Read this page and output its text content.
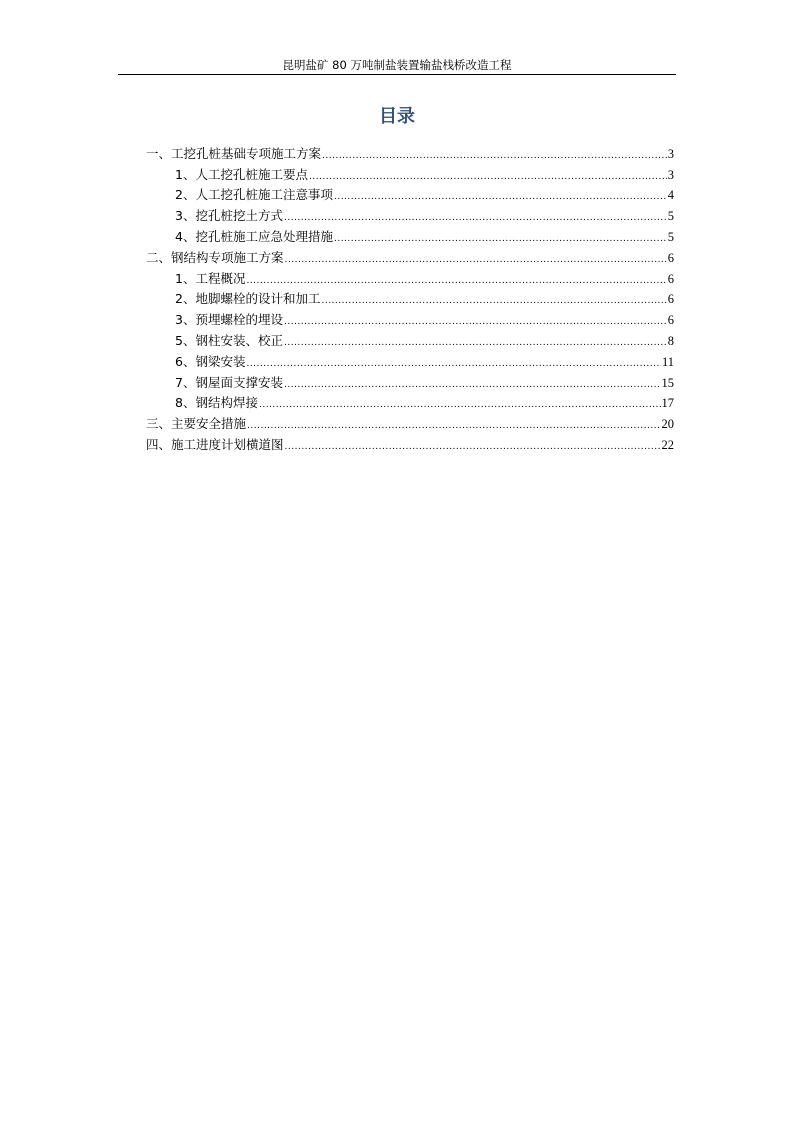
昆明盐矿 80 万吨制盐装置输盐栈桥改造工程
目录
一、工挖孔桩基础专项施工方案 .....	3
1、人工挖孔桩施工要点 .....	3
2、人工挖孔桩施工注意事项 .....	4
3、挖孔桩挖土方式 .....	5
4、挖孔桩施工应急处理措施 .....	5
二、钢结构专项施工方案 .....	6
1、工程概况 .....	6
2、地脚螺栓的设计和加工 .....	6
3、预埋螺栓的埋设 .....	6
5、钢柱安装、校正 .....	8
6、钢梁安装 .....	11
7、钢屋面支撑安装 .....	15
8、钢结构焊接 .....	17
三、主要安全措施 .....	20
四、施工进度计划横道图 .....	22
